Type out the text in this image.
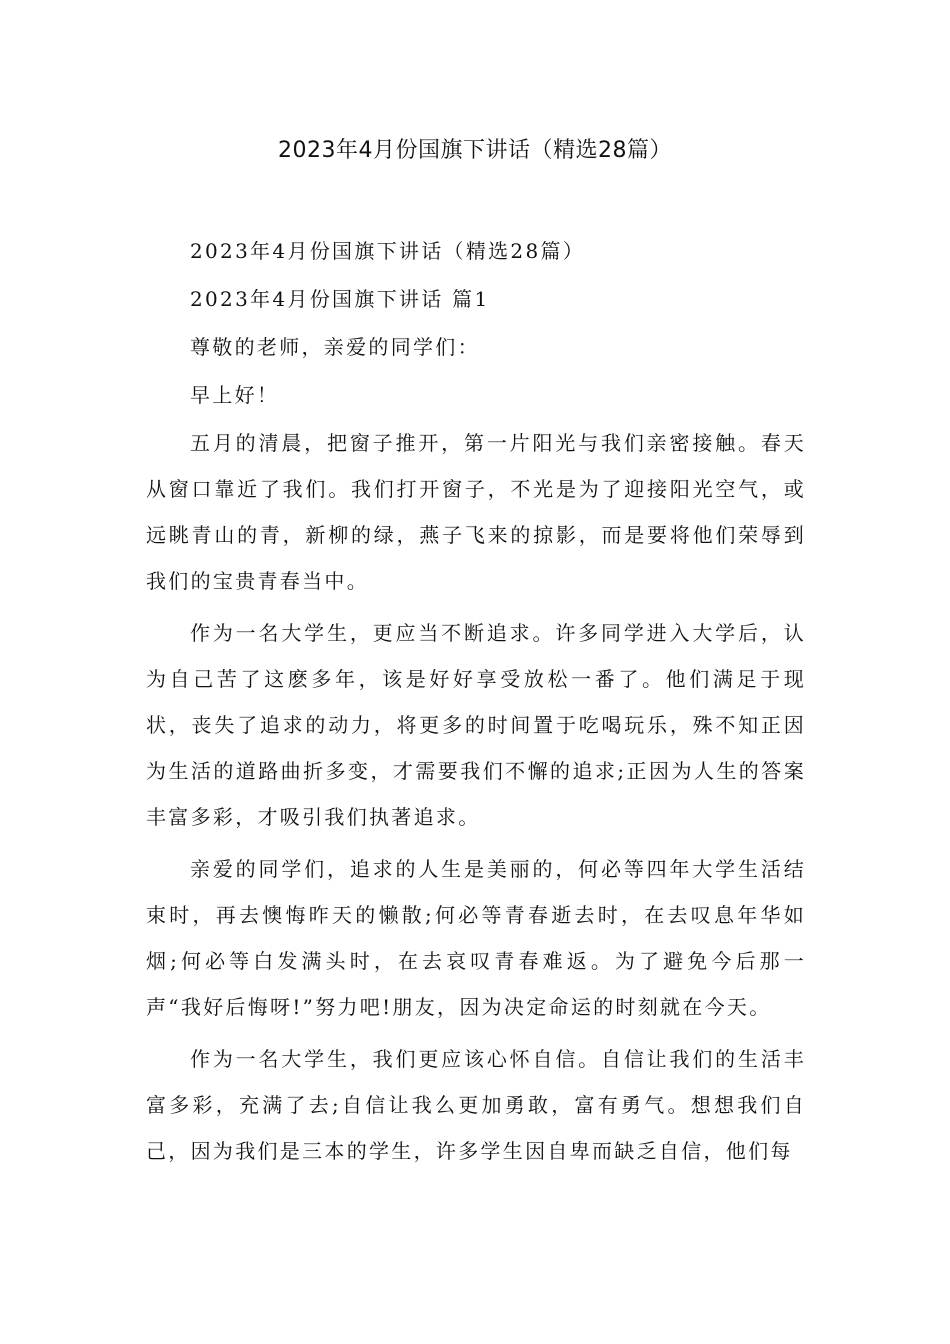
2023年4月份国旗下讲话（精选28篇）

2023年4月份国旗下讲话（精选28篇）

2023年4月份国旗下讲话 篇1

尊敬的老师，亲爱的同学们：

早上好！

五月的清晨，把窗子推开，第一片阳光与我们亲密接触。春天从窗口靠近了我们。我们打开窗子，不光是为了迎接阳光空气，或远眺青山的青，新柳的绿，燕子飞来的掠影，而是要将他们荣辱到我们的宝贵青春当中。

作为一名大学生，更应当不断追求。许多同学进入大学后，认为自己苦了这麽多年，该是好好享受放松一番了。他们满足于现状，丧失了追求的动力，将更多的时间置于吃喝玩乐，殊不知正因为生活的道路曲折多变，才需要我们不懈的追求;正因为人生的答案丰富多彩，才吸引我们执著追求。

亲爱的同学们，追求的人生是美丽的，何必等四年大学生活结束时，再去懊悔昨天的懒散;何必等青春逝去时，在去叹息年华如烟;何必等白发满头时，在去哀叹青春难返。为了避免今后那一声“我好后悔呀!”努力吧!朋友，因为决定命运的时刻就在今天。

作为一名大学生，我们更应该心怀自信。自信让我们的生活丰富多彩，充满了去;自信让我么更加勇敢，富有勇气。想想我们自己，因为我们是三本的学生，许多学生因自卑而缺乏自信，他们每
